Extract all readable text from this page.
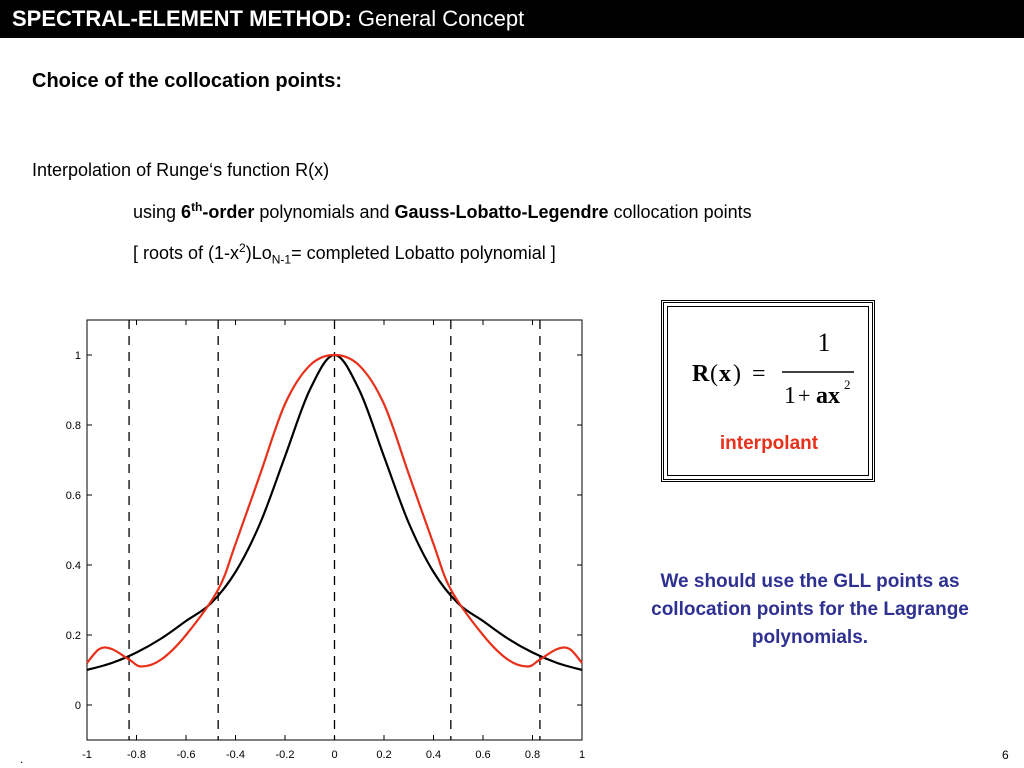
SPECTRAL-ELEMENT METHOD: General Concept
Choice of the collocation points:
Interpolation of Runge‘s function R(x)
using 6th-order polynomials and Gauss-Lobatto-Legendre collocation points
[ roots of $(1-x^2)Lo_{N-1}=$ completed Lobatto polynomial ]
-1	-0.8	-0.6	-0.4	-0.2	0	0.2	0.4	0.6	0.8	1
0
0.2
0.4
0.6
0.8
1
R ( x ) =
1
1 + ax 2
interpolant
We should use the GLL points as collocation points for the Lagrange polynomials.
6
.
